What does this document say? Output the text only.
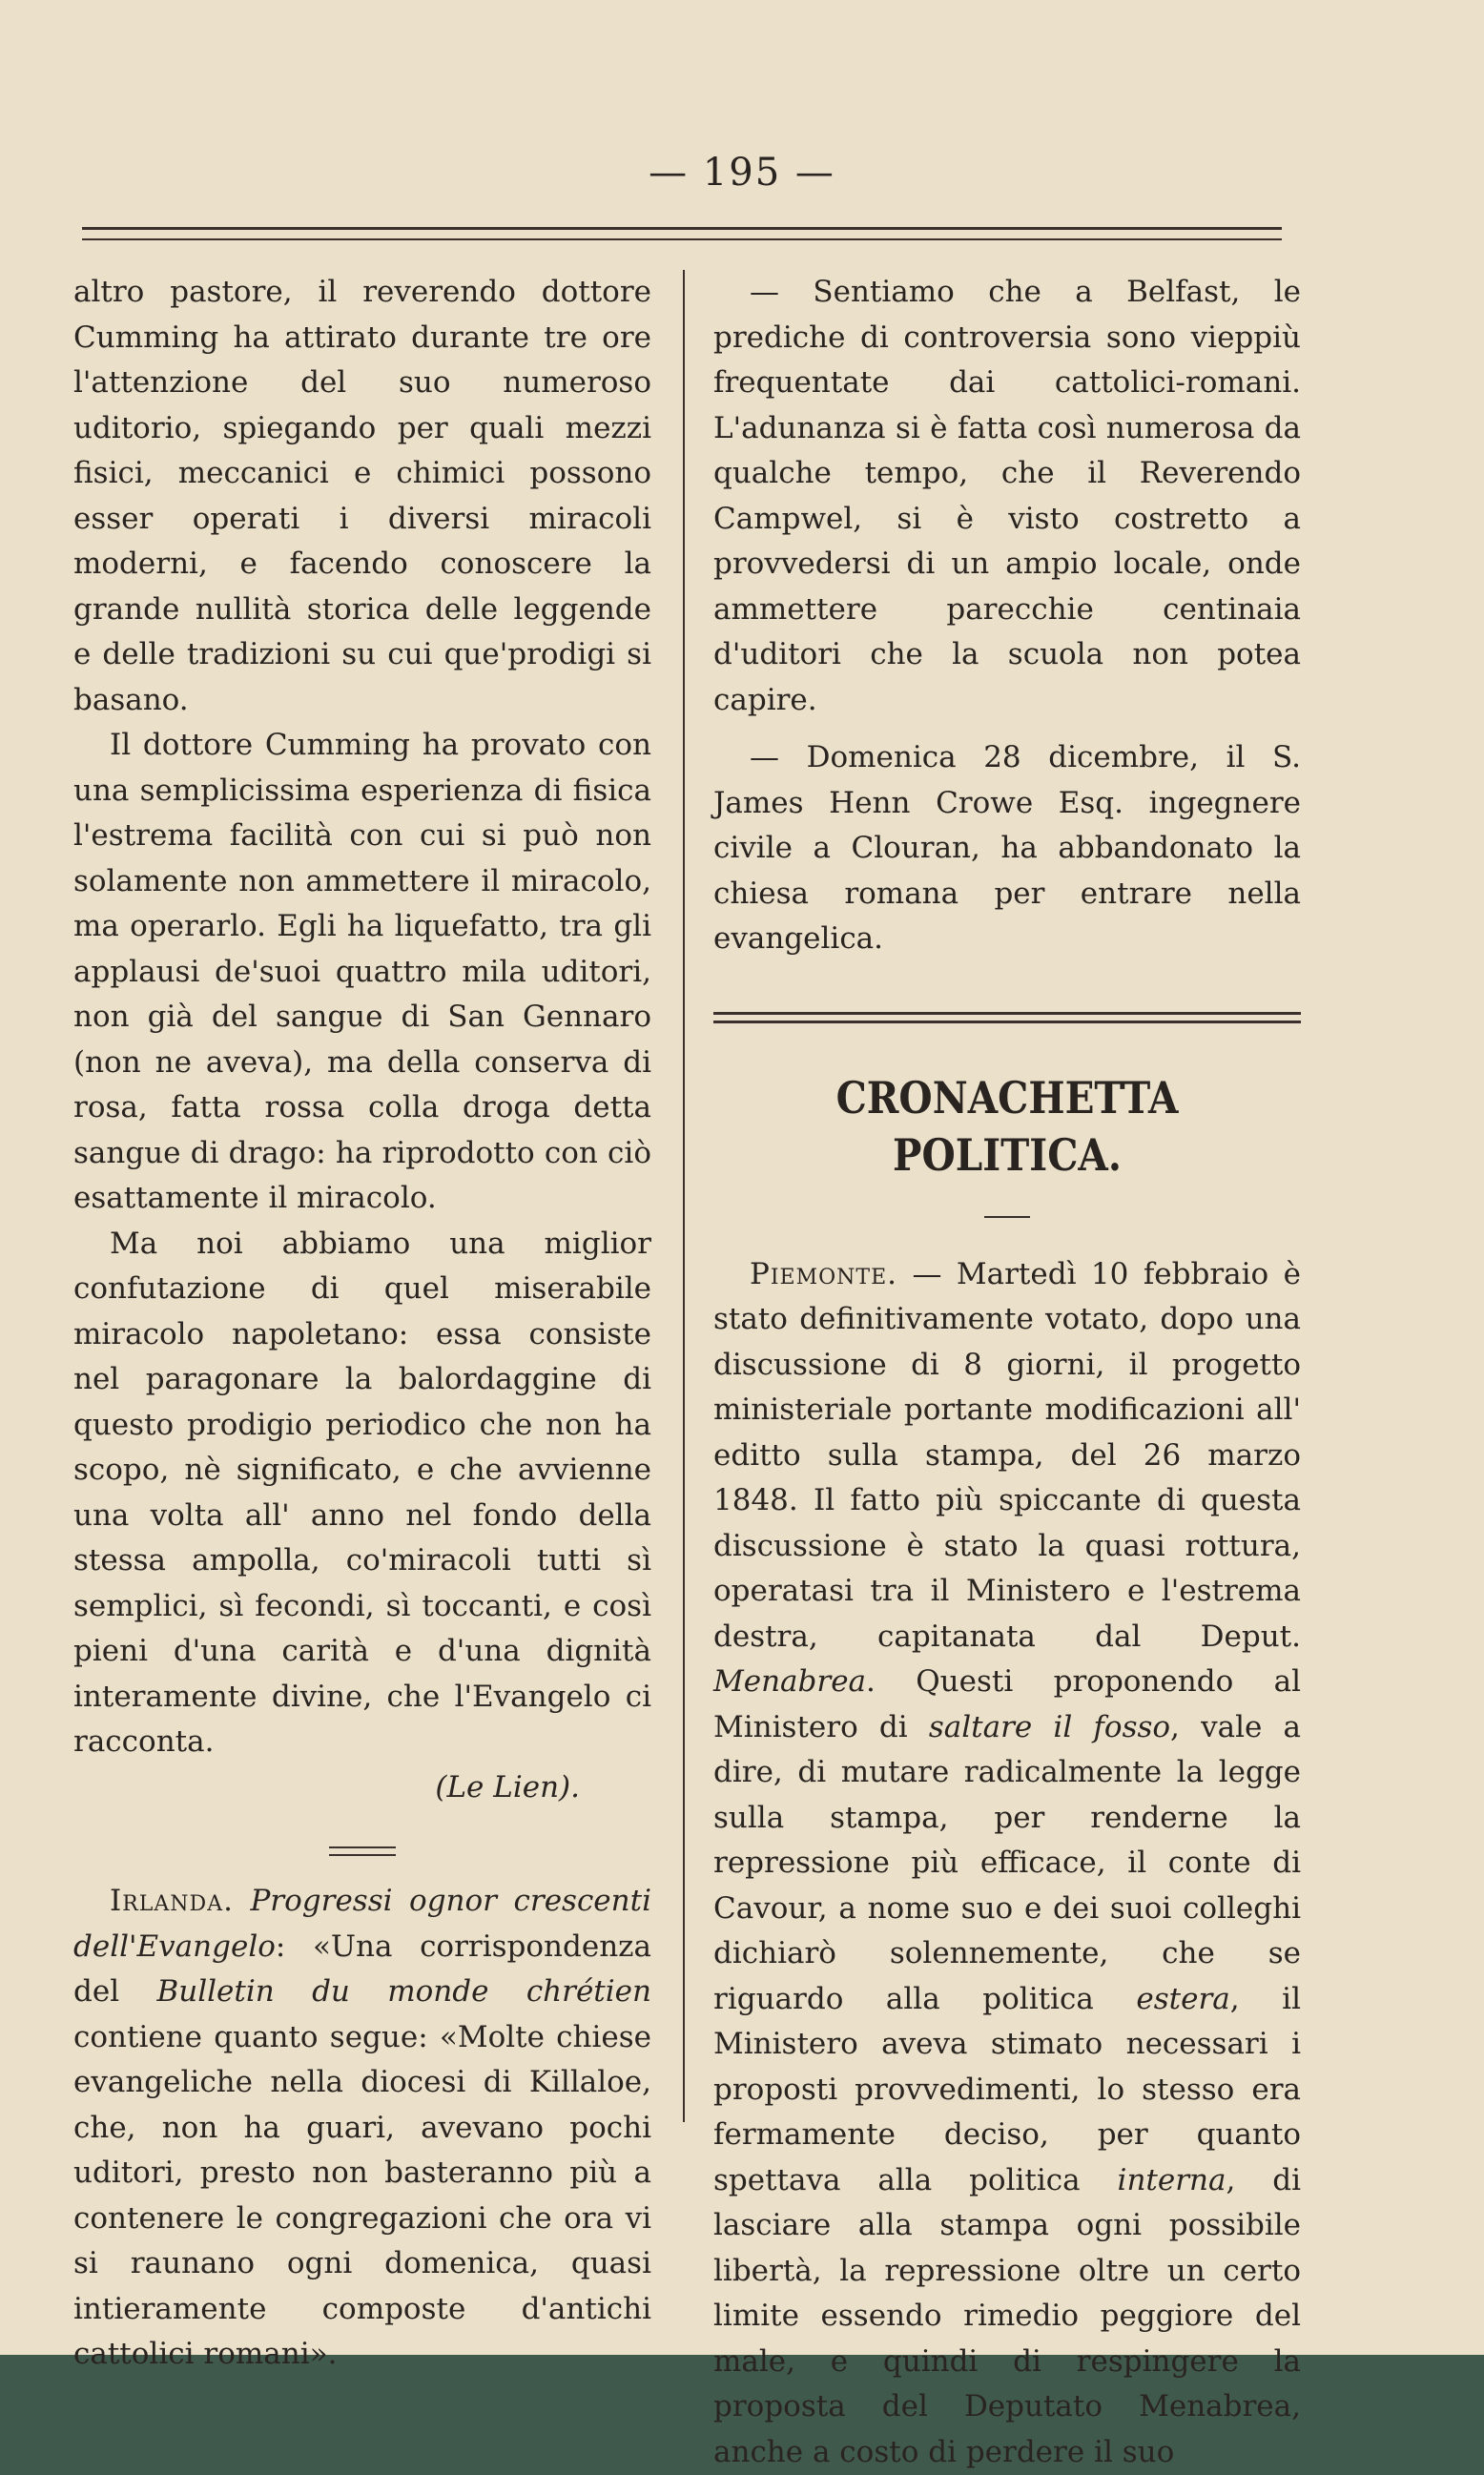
— 195 —

altro pastore, il reverendo dottore Cumming ha attirato durante tre ore l'attenzione del suo numeroso uditorio, spiegando per quali mezzi fisici, meccanici e chimici possono esser operati i diversi miracoli moderni, e facendo conoscere la grande nullità storica delle leggende e delle tradizioni su cui que'prodigi si basano.

Il dottore Cumming ha provato con una semplicissima esperienza di fisica l'estrema facilità con cui si può non solamente non ammettere il miracolo, ma operarlo. Egli ha liquefatto, tra gli applausi de'suoi quattro mila uditori, non già del sangue di San Gennaro (non ne aveva), ma della conserva di rosa, fatta rossa colla droga detta sangue di drago: ha riprodotto con ciò esattamente il miracolo.

Ma noi abbiamo una miglior confutazione di quel miserabile miracolo napoletano: essa consiste nel paragonare la balordaggine di questo prodigio periodico che non ha scopo, nè significato, e che avvienne una volta all' anno nel fondo della stessa ampolla, co'miracoli tutti sì semplici, sì fecondi, sì toccanti, e così pieni d'una carità e d'una dignità interamente divine, che l'Evangelo ci racconta.

(Le Lien).

Irlanda. Progressi ognor crescenti dell'Evangelo: «Una corrispondenza del Bulletin du monde chrétien contiene quanto segue: «Molte chiese evangeliche nella diocesi di Killaloe, che, non ha guari, avevano pochi uditori, presto non basteranno più a contenere le congregazioni che ora vi si raunano ogni domenica, quasi intieramente composte d'antichi cattolici romani».

— Sentiamo che a Belfast, le prediche di controversia sono vieppiù frequentate dai cattolici-romani. L'adunanza si è fatta così numerosa da qualche tempo, che il Reverendo Campwel, si è visto costretto a provvedersi di un ampio locale, onde ammettere parecchie centinaia d'uditori che la scuola non potea capire.

— Domenica 28 dicembre, il S. James Henn Crowe Esq. ingegnere civile a Clouran, ha abbandonato la chiesa romana per entrare nella evangelica.

CRONACHETTA POLITICA.

Piemonte. — Martedì 10 febbraio è stato definitivamente votato, dopo una discussione di 8 giorni, il progetto ministeriale portante modificazioni all' editto sulla stampa, del 26 marzo 1848. Il fatto più spiccante di questa discussione è stato la quasi rottura, operatasi tra il Ministero e l'estrema destra, capitanata dal Deput. Menabrea. Questi proponendo al Ministero di saltare il fosso, vale a dire, di mutare radicalmente la legge sulla stampa, per renderne la repressione più efficace, il conte di Cavour, a nome suo e dei suoi colleghi dichiarò solennemente, che se riguardo alla politica estera, il Ministero aveva stimato necessari i proposti provvedimenti, lo stesso era fermamente deciso, per quanto spettava alla politica interna, di lasciare alla stampa ogni possibile libertà, la repressione oltre un certo limite essendo rimedio peggiore del male, e quindi di respingere la proposta del Deputato Menabrea, anche a costo di perdere il suo
